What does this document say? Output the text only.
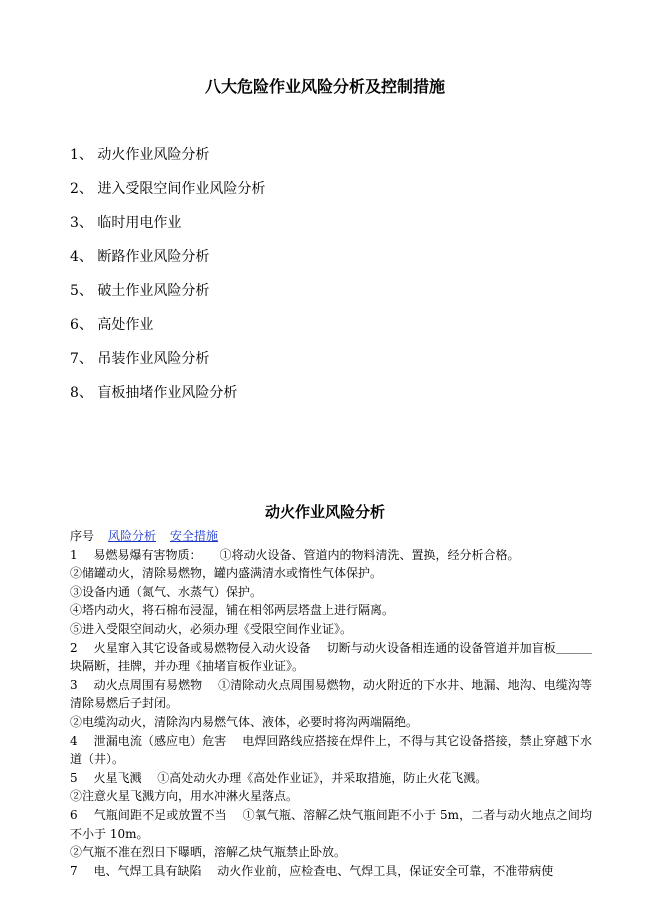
八大危险作业风险分析及控制措施
1、 动火作业风险分析
2、 进入受限空间作业风险分析
3、 临时用电作业
4、 断路作业风险分析
5、 破土作业风险分析
6、 高处作业
7、 吊装作业风险分析
8、 盲板抽堵作业风险分析
动火作业风险分析

序号 风险分析 安全措施

1　 易燃易爆有害物质：　　①将动火设备、管道内的物料清洗、置换，经分析合格。

②储罐动火，清除易燃物，罐内盛满清水或惰性气体保护。

③设备内通（氮气、水蒸气）保护。

④塔内动火，将石棉布浸湿，铺在相邻两层塔盘上进行隔离。

⑤进入受限空间动火，必须办理《受限空间作业证》。

2　 火星窜入其它设备或易燃物侵入动火设备　 切断与动火设备相连通的设备管道并加盲板＿＿＿块隔断，挂牌，并办理《抽堵盲板作业证》。

3　 动火点周围有易燃物　 ①清除动火点周围易燃物，动火附近的下水井、地漏、地沟、电缆沟等清除易燃后子封闭。

②电缆沟动火，清除沟内易燃气体、液体，必要时将沟两端隔绝。

4　 泄漏电流（感应电）危害　 电焊回路线应搭接在焊件上，不得与其它设备搭接，禁止穿越下水道（井）。

5　 火星飞溅　 ①高处动火办理《高处作业证》，并采取措施，防止火花飞溅。

②注意火星飞溅方向，用水冲淋火星落点。

6　 气瓶间距不足或放置不当　 ①氧气瓶、溶解乙炔气瓶间距不小于 5m，二者与动火地点之间均不小于 10m。

②气瓶不准在烈日下曝晒，溶解乙炔气瓶禁止卧放。

7　 电、气焊工具有缺陷　 动火作业前，应检查电、气焊工具，保证安全可靠，不准带病使
